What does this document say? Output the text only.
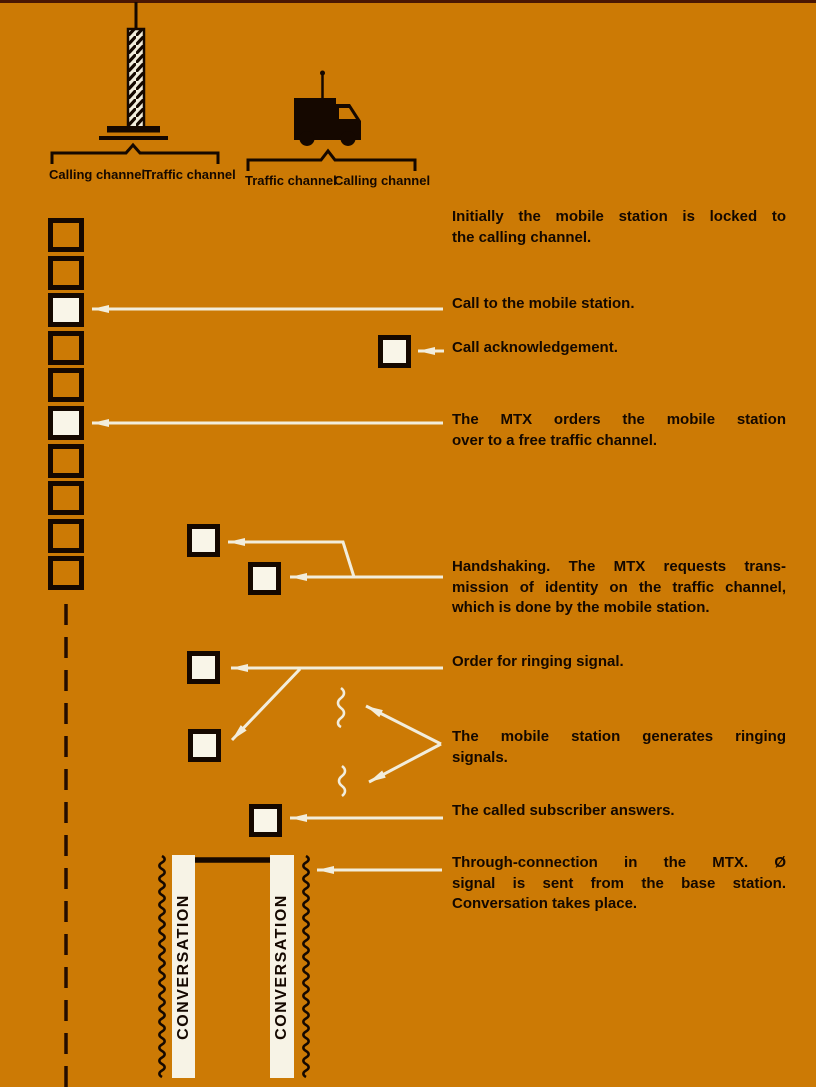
Calling channel
Traffic channel Traffic channel
Calling channel
Initially the mobile station is locked to
the calling channel.
Call to the mobile station.
Call acknowledgement.
The MTX orders the mobile station
over to a free traffic channel.
Handshaking. The MTX requests trans-
mission of identity on the traffic channel,
which is done by the mobile station.
Order for ringing signal.
The mobile station generates ringing
signals.
The called subscriber answers.
Through-connection in the MTX. Ø
signal is sent from the base station.
Conversation takes place.
CONVERSATION	CONVERSATION
